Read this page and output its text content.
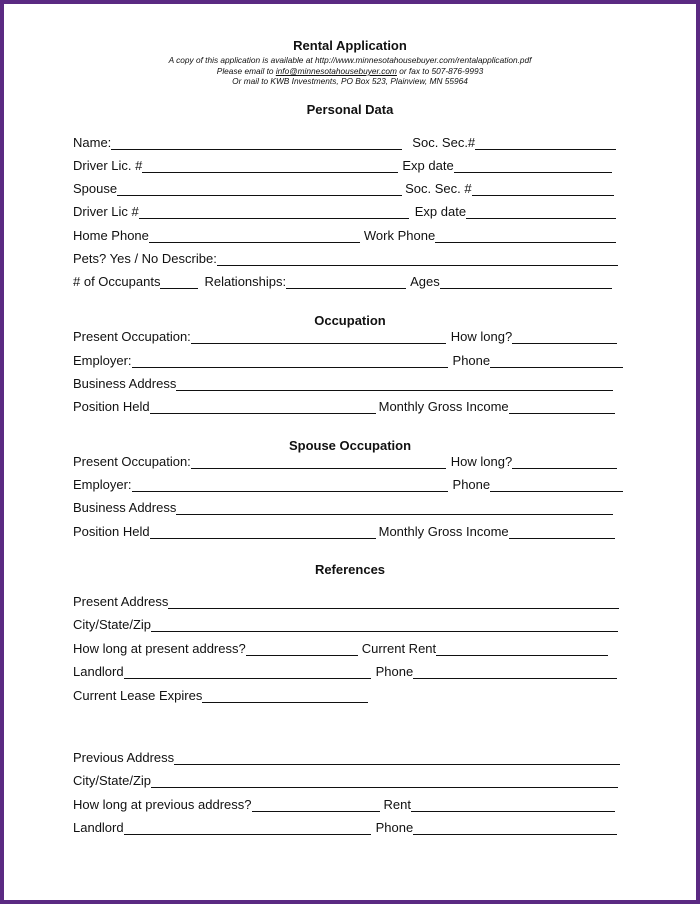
Rental Application
A copy of this application is available at http://www.minnesotahousebuyer.com/rentalapplication.pdf
Please email to info@minnesotahousebuyer.com or fax to 507-876-9993
Or mail to KWB Investments, PO Box 523, Plainview, MN 55964
Personal Data
Name:	Soc. Sec.#
Driver Lic. #	Exp date
Spouse	Soc. Sec. #
Driver Lic #	Exp date
Home Phone	Work Phone
Pets? Yes / No Describe:
# of Occupants	Relationships:	Ages
Occupation
Present Occupation:	How long?
Employer:	Phone
Business Address
Position Held	Monthly Gross Income
Spouse Occupation
Present Occupation:	How long?
Employer:	Phone
Business Address
Position Held	Monthly Gross Income
References
Present Address
City/State/Zip
How long at present address?	Current Rent
Landlord	Phone
Current Lease Expires
Previous Address
City/State/Zip
How long at previous address?	Rent
Landlord	Phone
